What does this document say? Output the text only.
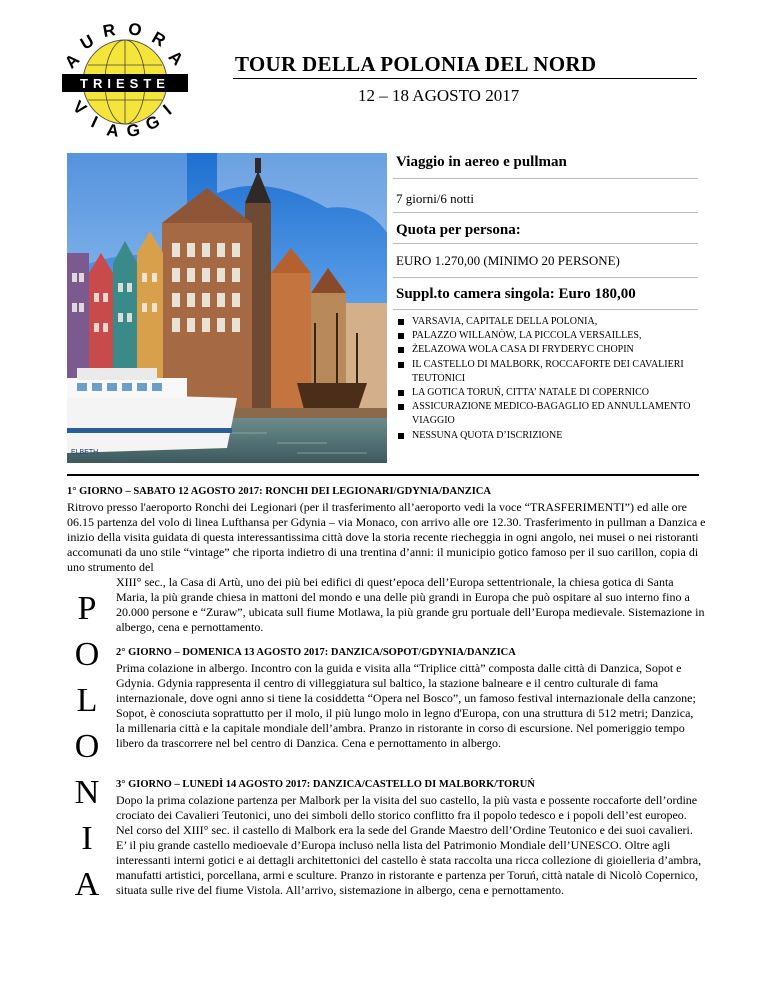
TRIESTE
A
U
R O R
A
V
I A G G
I
TOUR DELLA POLONIA DEL NORD
12 – 18 AGOSTO 2017
ELBETH
Viaggio in aereo e pullman
7 giorni/6 notti
Quota per persona:
EURO 1.270,00 (MINIMO 20 PERSONE)
Suppl.to camera singola: Euro 180,00
VARSAVIA, CAPITALE DELLA POLONIA,
PALAZZO WILLANÒW, LA PICCOLA VERSAILLES,
ŻELAZOWA WOLA CASA DI FRYDERYC CHOPIN
IL CASTELLO DI MALBORK, ROCCAFORTE DEI CAVALIERI TEUTONICI
LA GOTICA TORUŃ, CITTA’ NATALE DI COPERNICO
ASSICURAZIONE MEDICO-BAGAGLIO ED ANNULLAMENTO VIAGGIO
NESSUNA QUOTA D’ISCRIZIONE
P
O
L
O
N
I
A
1° GIORNO – SABATO 12 AGOSTO 2017: RONCHI DEI LEGIONARI/GDYNIA/DANZICA
Ritrovo presso l'aeroporto Ronchi dei Legionari (per il trasferimento all’aeroporto vedi la voce “TRASFERIMENTI”) ed alle ore 06.15 partenza del volo di linea Lufthansa per Gdynia – via Monaco, con arrivo alle ore 12.30. Trasferimento in pullman a Danzica e inizio della visita guidata di questa interessantissima città dove la storia recente riecheggia in ogni angolo, nei musei o nei ristoranti accomunati da uno stile “vintage” che riporta indietro di una trentina d’anni: il municipio gotico famoso per il suo carillon, copia di uno strumento del
XIII° sec., la Casa di Artù, uno dei più bei edifici di quest’epoca dell’Europa settentrionale, la chiesa gotica di Santa Maria, la più grande chiesa in mattoni del mondo e una delle più grandi in Europa che può ospitare al suo interno fino a 20.000 persone e “Zuraw”, ubicata sull fiume Motlawa, la più grande gru portuale dell’Europa medievale. Sistemazione in albergo, cena e pernottamento.
2° GIORNO – DOMENICA 13 AGOSTO 2017: DANZICA/SOPOT/GDYNIA/DANZICA
Prima colazione in albergo. Incontro con la guida e visita alla “Triplice città” composta dalle città di Danzica, Sopot e Gdynia. Gdynia rappresenta il centro di villeggiatura sul baltico, la stazione balneare e il centro culturale di fama internazionale, dove ogni anno si tiene la cosiddetta “Opera nel Bosco”, un famoso festival internazionale della canzone; Sopot, è conosciuta soprattutto per il molo, il più lungo molo in legno d'Europa, con una struttura di 512 metri; Danzica, la millenaria città e la capitale mondiale dell’ambra. Pranzo in ristorante in corso di escursione. Nel pomeriggio tempo libero da trascorrere nel bel centro di Danzica. Cena e pernottamento in albergo.
3° GIORNO – LUNEDÌ 14 AGOSTO 2017: DANZICA/CASTELLO DI MALBORK/TORUŃ
Dopo la prima colazione partenza per Malbork per la visita del suo castello, la più vasta e possente roccaforte dell’ordine crociato dei Cavalieri Teutonici, uno dei simboli dello storico conflitto fra il popolo tedesco e i popoli dell’est europeo. Nel corso del XIII° sec. il castello di Malbork era la sede del Grande Maestro dell’Ordine Teutonico e dei suoi cavalieri. E’ il piu grande castello medioevale d’Europa incluso nella lista del Patrimonio Mondiale dell’UNESCO. Oltre agli interessanti interni gotici e ai dettagli architettonici del castello è stata raccolta una ricca collezione di gioielleria d’ambra, manufatti artistici, porcellana, armi e sculture. Pranzo in ristorante e partenza per Toruń, città natale di Nicolò Copernico, situata sulle rive del fiume Vistola. All’arrivo, sistemazione in albergo, cena e pernottamento.
